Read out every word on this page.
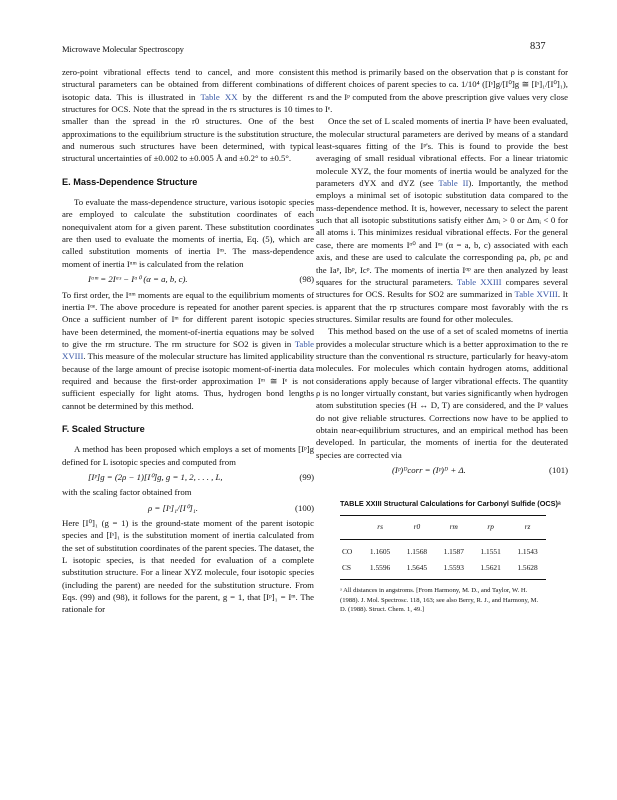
Microwave Molecular Spectroscopy	837

zero-point vibrational effects tend to cancel, and more consistent structural parameters can be obtained from different combinations of isotopic data. This is illustrated in Table XX by the different rs structures for OCS. Note that the spread in the rs structures is 10 times smaller than the spread in the r0 structures. One of the best approximations to the equilibrium structure is the substitution structure, and numerous such structures have been determined, with typical structural uncertainties of ±0.002 to ±0.005 Å and ±0.2° to ±0.5°.

E. Mass-Dependence Structure

To evaluate the mass-dependence structure, various isotopic species are employed to calculate the substitution coordinates of each nonequivalent atom for a given parent. These substitution coordinates are then used to evaluate the moments of inertia, Eq. (5), which are called substitution moments of inertia Iᵅˢ. The mass-dependence moment of inertia Iᵅᵐ is calculated from the relation

Iᵅᵐ = 2Iᵅˢ − Iᵅ⁰ (α = a, b, c).	(98)

To first order, the Iᵅᵐ moments are equal to the equilibrium moments of inertia Iᵅᵉ. The above procedure is repeated for another parent species. Once a sufficient number of Iᵐ for different parent isotopic species have been determined, the moment-of-inertia equations may be solved to give the rm structure. The rm structure for SO2 is given in Table XVIII. This measure of the molecular structure has limited applicability because of the large amount of precise isotopic moment-of-inertia data required and because the first-order approximation Iᵐ ≅ Iᵉ is not sufficient especially for light atoms. Thus, hydrogen bond lengths cannot be determined by this method.

F. Scaled Structure

A method has been proposed which employs a set of moments [Iᵖ]g defined for L isotopic species and computed from

[Iᵖ]g = (2ρ − 1)[I⁰]g, g = 1, 2, . . . , L,	(99)

with the scaling factor obtained from

ρ = [Iˢ]₁/[I⁰]₁.	(100)

Here [I⁰]₁ (g = 1) is the ground-state moment of the parent isotopic species and [Iˢ]₁ is the substitution moment of inertia calculated from the set of substitution coordinates of the parent species. The dataset, the L isotopic species, is that needed for evaluation of a complete substitution structure. For a linear XYZ molecule, four isotopic species (including the parent) are needed for the substitution structure. From Eqs. (99) and (98), it follows for the parent, g = 1, that [Iᵖ]₁ = Iᵐ. The rationale for

this method is primarily based on the observation that ρ is constant for different choices of parent species to ca. 1/10⁴ ([Iˢ]g/[I⁰]g ≅ [Iˢ]₁/[I⁰]₁), and the Iᵖ computed from the above prescription give values very close to Iᵉ.

Once the set of L scaled moments of inertia Iᵖ have been evaluated, the molecular structural parameters are derived by means of a standard least-squares fitting of the Iᵖ's. This is found to provide the best averaging of small residual vibrational effects. For a linear triatomic molecule XYZ, the four moments of inertia would be analyzed for the parameters dYX and dYZ (see Table II). Importantly, the method employs a minimal set of isotopic substitution data compared to the mass-dependence method. It is, however, necessary to select the parent such that all isotopic substitutions satisfy either Δmᵢ > 0 or Δmᵢ < 0 for all atoms i. This minimizes residual vibrational effects. For the general case, there are moments Iᵅ⁰ and Iᵅˢ (α = a, b, c) associated with each axis, and these are used to calculate the corresponding ρa, ρb, ρc and the Iaᵖ, Ibᵖ, Icᵖ. The moments of inertia Iᵅᵖ are then analyzed by least squares for the structural parameters. Table XXIII compares several structures for OCS. Results for SO2 are summarized in Table XVIII. It is apparent that the rp structures compare most favorably with the rs structures. Similar results are found for other molecules.

This method based on the use of a set of scaled mometns of inertia provides a molecular structure which is a better approximation to the re structure than the conventional rs structure, particularly for heavy-atom molecules. For molecules which contain hydrogen atoms, additional considerations apply because of larger vibrational effects. The quantity ρ is no longer virtually constant, but varies significantly when hydrogen atom substitution species (H ↔ D, T) are considered, and the Iᵖ values do not give reliable structures. Corrections now have to be applied to obtain near-equilibrium structures, and an empirical method has been developed. In particular, the moments of inertia for the deuterated species are corrected via

(Iᵖ)ᴰcorr = (Iᵖ)ᴰ + Δ.	(101)
TABLE XXIII Structural Calculations for Carbonyl Sulfide (OCS)ᵃ
	rs	r0	rm	rp	rz
CO	1.1605	1.1568	1.1587	1.1551	1.1543
CS	1.5596	1.5645	1.5593	1.5621	1.5628
ᵃ All distances in angstroms. [From Harmony, M. D., and Taylor, W. H. (1988). J. Mol. Spectrosc. 118, 163; see also Berry, R. J., and Harmony, M. D. (1988). Struct. Chem. 1, 49.]
